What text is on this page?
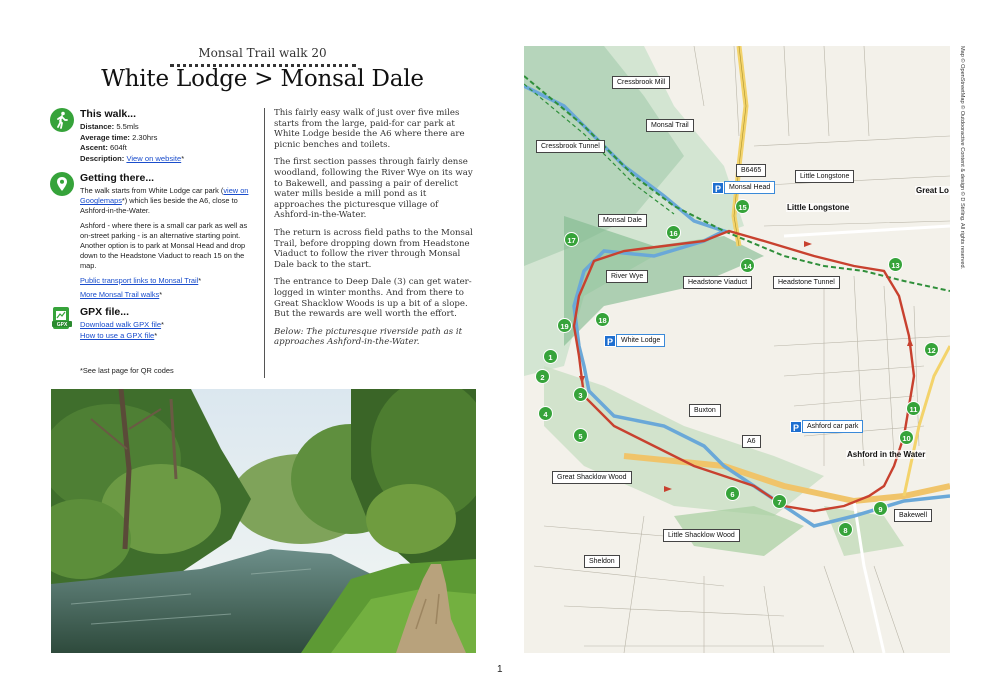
Monsal Trail walk 20
White Lodge > Monsal Dale
This walk...
Distance: 5.5mls
Average time: 2.30hrs
Ascent: 604ft
Description: View on website*
Getting there...
The walk starts from White Lodge car park (view on Googlemaps*) which lies beside the A6, close to Ashford-in-the-Water.
Ashford - where there is a small car park as well as on-street parking - is an alternative starting point. Another option is to park at Monsal Head and drop down to the Headstone Viaduct to reach 15 on the map.
Public transport links to Monsal Trail*
More Monsal Trail walks*
GPX
GPX file...
Download walk GPX file*
How to use a GPX file*
*See last page for QR codes

This fairly easy walk of just over five miles starts from the large, paid-for car park at White Lodge beside the A6 where there are picnic benches and toilets.

The first section passes through fairly dense woodland, following the River Wye on its way to Bakewell, and passing a pair of derelict water mills beside a mill pond as it approaches the picturesque village of Ashford-in-the-Water.

The return is across field paths to the Monsal Trail, before dropping down from Headstone Viaduct to follow the river through Monsal Dale back to the start.

The entrance to Deep Dale (3) can get water-logged in winter months. And from there to Great Shacklow Woods is up a bit of a slope. But the rewards are well worth the effort.

Below: The picturesque riverside path as it approaches Ashford-in-the-Water.

Cressbrook Mill
Monsal Trail
Cressbrook Tunnel
B6465
P	Monsal Head
Little Longstone
Little Longstone
Great Lo
Monsal Dale
River Wye
Headstone Viaduct	Headstone Tunnel
P	White Lodge
Buxton
P	Ashford car park
A6
Ashford in the Water
Great Shacklow Wood
Bakewell
Little Shacklow Wood
Sheldon
1
2
3
4
5
6
7
8
9
10
11
12
13
14
15
16
17
18
19
Map © OpenStreetMap © Outdooractive Content & design © D Stirling. All rights reserved.
1
